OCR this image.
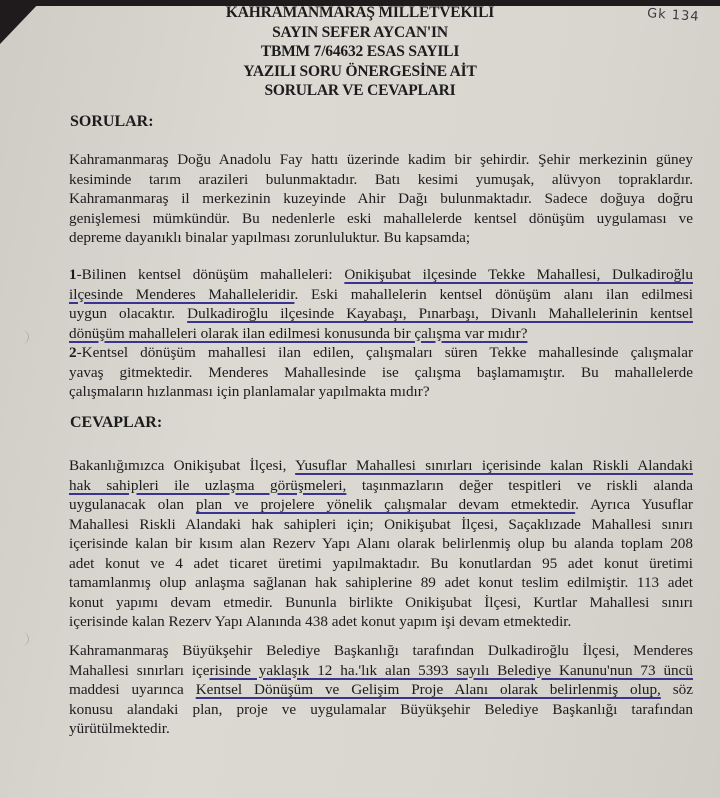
Gk 134
KAHRAMANMARAŞ MİLLETVEKİLİ
SAYIN SEFER AYCAN'IN
TBMM 7/64632 ESAS SAYILI
YAZILI SORU ÖNERGESİNE AİT
SORULAR VE CEVAPLARI
SORULAR:
Kahramanmaraş Doğu Anadolu Fay hattı üzerinde kadim bir şehirdir. Şehir merkezinin güney
kesiminde tarım arazileri bulunmaktadır. Batı kesimi yumuşak, alüvyon topraklardır.
Kahramanmaraş il merkezinin kuzeyinde Ahir Dağı bulunmaktadır. Sadece doğuya doğru
genişlemesi mümkündür. Bu nedenlerle eski mahallelerde kentsel dönüşüm uygulaması ve
depreme dayanıklı binalar yapılması zorunluluktur. Bu kapsamda;
1-Bilinen kentsel dönüşüm mahalleleri: Onikişubat ilçesinde Tekke Mahallesi, Dulkadiroğlu
ilçesinde Menderes Mahalleleridir. Eski mahallelerin kentsel dönüşüm alanı ilan edilmesi
uygun olacaktır. Dulkadiroğlu ilçesinde Kayabaşı, Pınarbaşı, Divanlı Mahallelerinin kentsel
dönüşüm mahalleleri olarak ilan edilmesi konusunda bir çalışma var mıdır?
2-Kentsel dönüşüm mahallesi ilan edilen, çalışmaları süren Tekke mahallesinde çalışmalar
yavaş gitmektedir. Menderes Mahallesinde ise çalışma başlamamıştır. Bu mahallelerde
çalışmaların hızlanması için planlamalar yapılmakta mıdır?
CEVAPLAR:
Bakanlığımızca Onikişubat İlçesi, Yusuflar Mahallesi sınırları içerisinde kalan Riskli Alandaki
hak sahipleri ile uzlaşma görüşmeleri, taşınmazların değer tespitleri ve riskli alanda
uygulanacak olan plan ve projelere yönelik çalışmalar devam etmektedir. Ayrıca Yusuflar
Mahallesi Riskli Alandaki hak sahipleri için; Onikişubat İlçesi, Saçaklızade Mahallesi sınırı
içerisinde kalan bir kısım alan Rezerv Yapı Alanı olarak belirlenmiş olup bu alanda toplam 208
adet konut ve 4 adet ticaret üretimi yapılmaktadır. Bu konutlardan 95 adet konut üretimi
tamamlanmış olup anlaşma sağlanan hak sahiplerine 89 adet konut teslim edilmiştir. 113 adet
konut yapımı devam etmedir. Bununla birlikte Onikişubat İlçesi, Kurtlar Mahallesi sınırı
içerisinde kalan Rezerv Yapı Alanında 438 adet konut yapım işi devam etmektedir.
Kahramanmaraş Büyükşehir Belediye Başkanlığı tarafından Dulkadiroğlu İlçesi, Menderes
Mahallesi sınırları içerisinde yaklaşık 12 ha.'lık alan 5393 sayılı Belediye Kanunu'nun 73 üncü
maddesi uyarınca Kentsel Dönüşüm ve Gelişim Proje Alanı olarak belirlenmiş olup, söz
konusu alandaki plan, proje ve uygulamalar Büyükşehir Belediye Başkanlığı tarafından
yürütülmektedir.
